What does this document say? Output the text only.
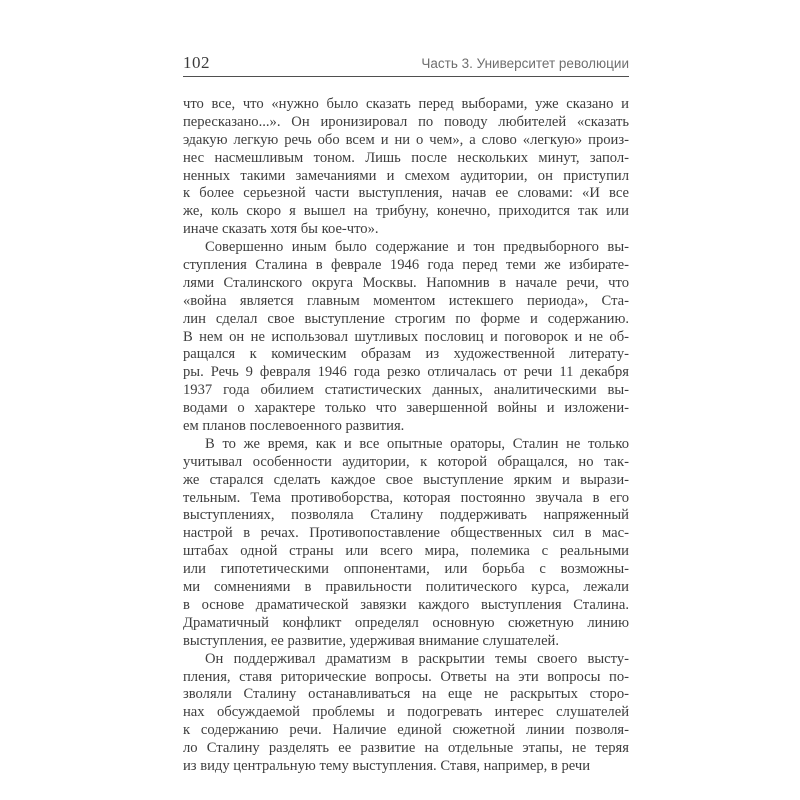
102	Часть 3. Университет революции

что все, что «нужно было сказать перед выборами, уже сказано и
пересказано...». Он иронизировал по поводу любителей «сказать
эдакую легкую речь обо всем и ни о чем», а слово «легкую» произ-
нес насмешливым тоном. Лишь после нескольких минут, запол-
ненных такими замечаниями и смехом аудитории, он приступил
к более серьезной части выступления, начав ее словами: «И все
же, коль скоро я вышел на трибуну, конечно, приходится так или
иначе сказать хотя бы кое-что».

Совершенно иным было содержание и тон предвыборного вы-
ступления Сталина в феврале 1946 года перед теми же избирате-
лями Сталинского округа Москвы. Напомнив в начале речи, что
«война является главным моментом истекшего периода», Ста-
лин сделал свое выступление строгим по форме и содержанию.
В нем он не использовал шутливых пословиц и поговорок и не об-
ращался к комическим образам из художественной литерату-
ры. Речь 9 февраля 1946 года резко отличалась от речи 11 декабря
1937 года обилием статистических данных, аналитическими вы-
водами о характере только что завершенной войны и изложени-
ем планов послевоенного развития.

В то же время, как и все опытные ораторы, Сталин не только
учитывал особенности аудитории, к которой обращался, но так-
же старался сделать каждое свое выступление ярким и вырази-
тельным. Тема противоборства, которая постоянно звучала в его
выступлениях, позволяла Сталину поддерживать напряженный
настрой в речах. Противопоставление общественных сил в мас-
штабах одной страны или всего мира, полемика с реальными
или гипотетическими оппонентами, или борьба с возможны-
ми сомнениями в правильности политического курса, лежали
в основе драматической завязки каждого выступления Сталина.
Драматичный конфликт определял основную сюжетную линию
выступления, ее развитие, удерживая внимание слушателей.

Он поддерживал драматизм в раскрытии темы своего высту-
пления, ставя риторические вопросы. Ответы на эти вопросы по-
зволяли Сталину останавливаться на еще не раскрытых сторо-
нах обсуждаемой проблемы и подогревать интерес слушателей
к содержанию речи. Наличие единой сюжетной линии позволя-
ло Сталину разделять ее развитие на отдельные этапы, не теряя
из виду центральную тему выступления. Ставя, например, в речи
